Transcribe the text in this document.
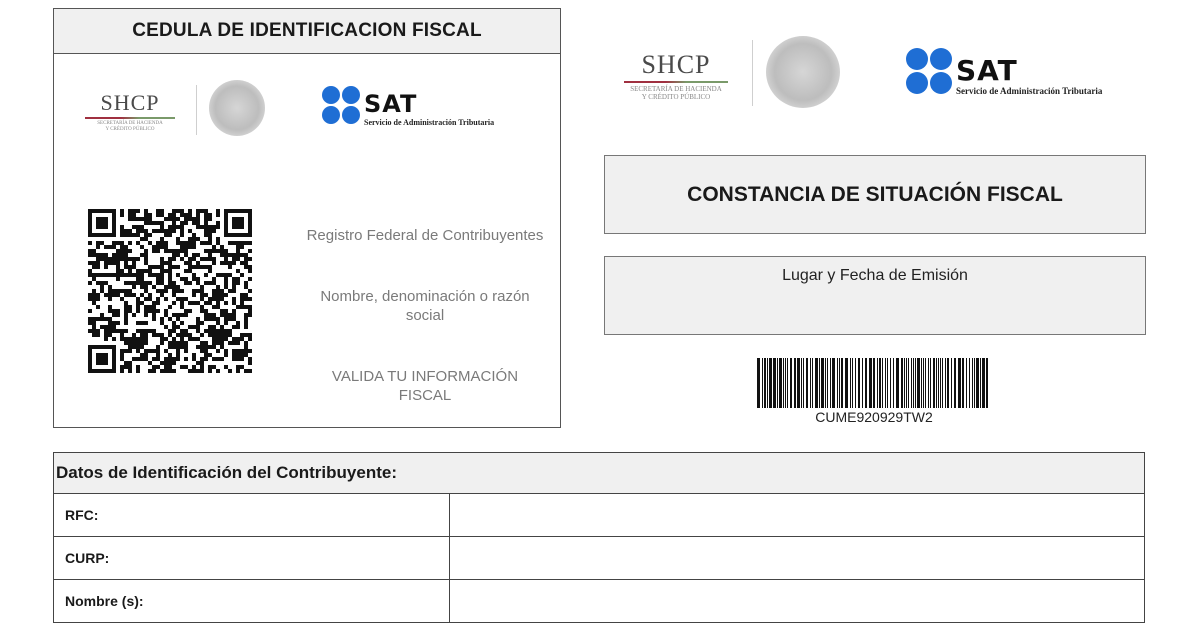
CEDULA DE IDENTIFICACION FISCAL
SHCP
SECRETARÍA DE HACIENDA
Y CRÉDITO PÚBLICO
SAT
Servicio de Administración Tributaria
Registro Federal de Contribuyentes
Nombre, denominación o razón
social
VALIDA TU INFORMACIÓN
FISCAL
SHCP
SECRETARÍA DE HACIENDA
Y CRÉDITO PÚBLICO
SAT
Servicio de Administración Tributaria
CONSTANCIA DE SITUACIÓN FISCAL
Lugar y Fecha de Emisión
CUME920929TW2
Datos de Identificación del Contribuyente:
RFC:
CURP:
Nombre (s):
